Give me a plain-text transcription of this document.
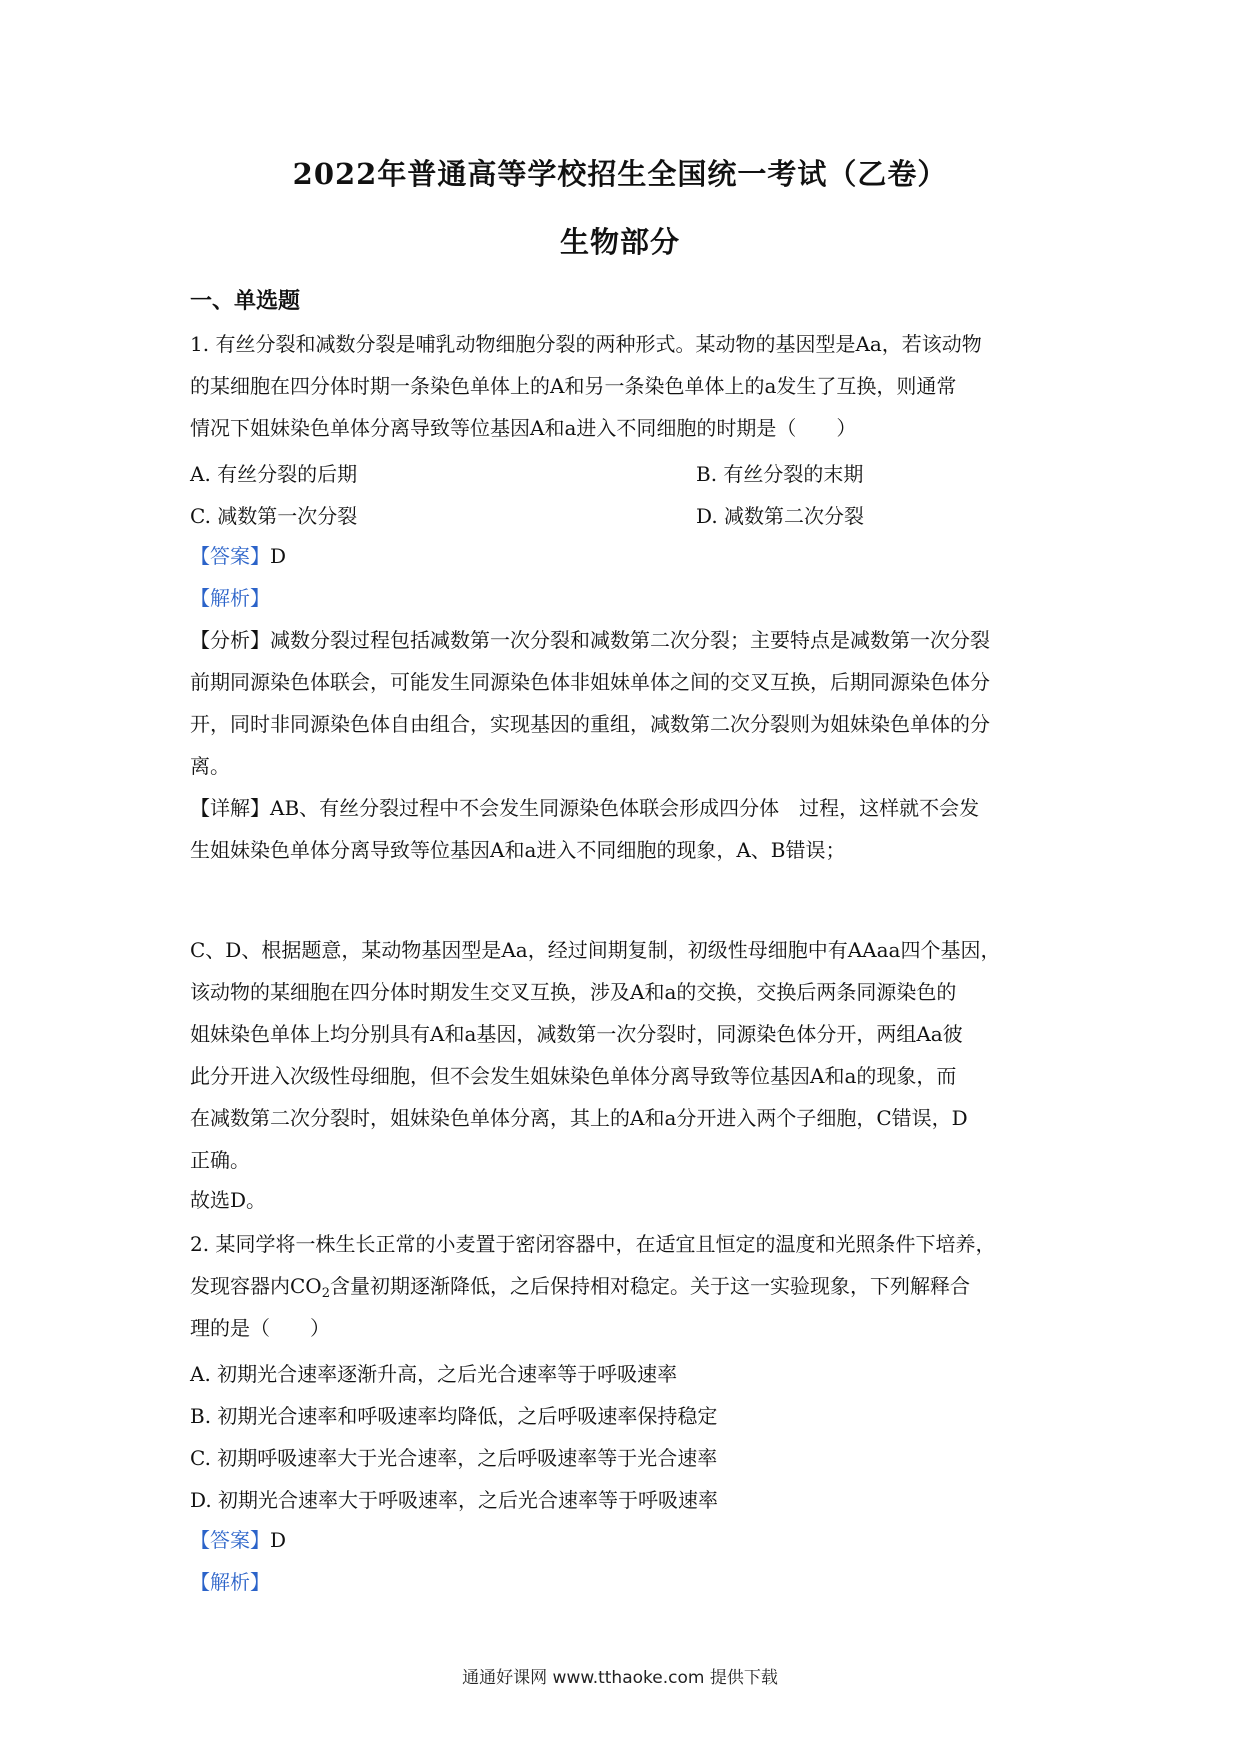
2022年普通高等学校招生全国统一考试（乙卷）
生物部分
一、单选题
1. 有丝分裂和减数分裂是哺乳动物细胞分裂的两种形式。某动物的基因型是Aa，若该动物
的某细胞在四分体时期一条染色单体上的A和另一条染色单体上的a发生了互换，则通常
情况下姐妹染色单体分离导致等位基因A和a进入不同细胞的时期是（　　）
A. 有丝分裂的后期	B. 有丝分裂的末期
C. 减数第一次分裂	D. 减数第二次分裂
【答案】D
【解析】
【分析】减数分裂过程包括减数第一次分裂和减数第二次分裂；主要特点是减数第一次分裂
前期同源染色体联会，可能发生同源染色体非姐妹单体之间的交叉互换，后期同源染色体分
开，同时非同源染色体自由组合，实现基因的重组，减数第二次分裂则为姐妹染色单体的分
离。
【详解】AB、有丝分裂过程中不会发生同源染色体联会形成四分体　过程，这样就不会发
生姐妹染色单体分离导致等位基因A和a进入不同细胞的现象，A、B错误；
C、D、根据题意，某动物基因型是Aa，经过间期复制，初级性母细胞中有AAaa四个基因，
该动物的某细胞在四分体时期发生交叉互换，涉及A和a的交换，交换后两条同源染色的
姐妹染色单体上均分别具有A和a基因，减数第一次分裂时，同源染色体分开，两组Aa彼
此分开进入次级性母细胞，但不会发生姐妹染色单体分离导致等位基因A和a的现象，而
在减数第二次分裂时，姐妹染色单体分离，其上的A和a分开进入两个子细胞，C错误，D
正确。
故选D。
2. 某同学将一株生长正常的小麦置于密闭容器中，在适宜且恒定的温度和光照条件下培养，
发现容器内$CO_2$含量初期逐渐降低，之后保持相对稳定。关于这一实验现象，下列解释合
理的是（　　）
A. 初期光合速率逐渐升高，之后光合速率等于呼吸速率
B. 初期光合速率和呼吸速率均降低，之后呼吸速率保持稳定
C. 初期呼吸速率大于光合速率，之后呼吸速率等于光合速率
D. 初期光合速率大于呼吸速率，之后光合速率等于呼吸速率
【答案】D
【解析】
通通好课网 www.tthaoke.com 提供下载
